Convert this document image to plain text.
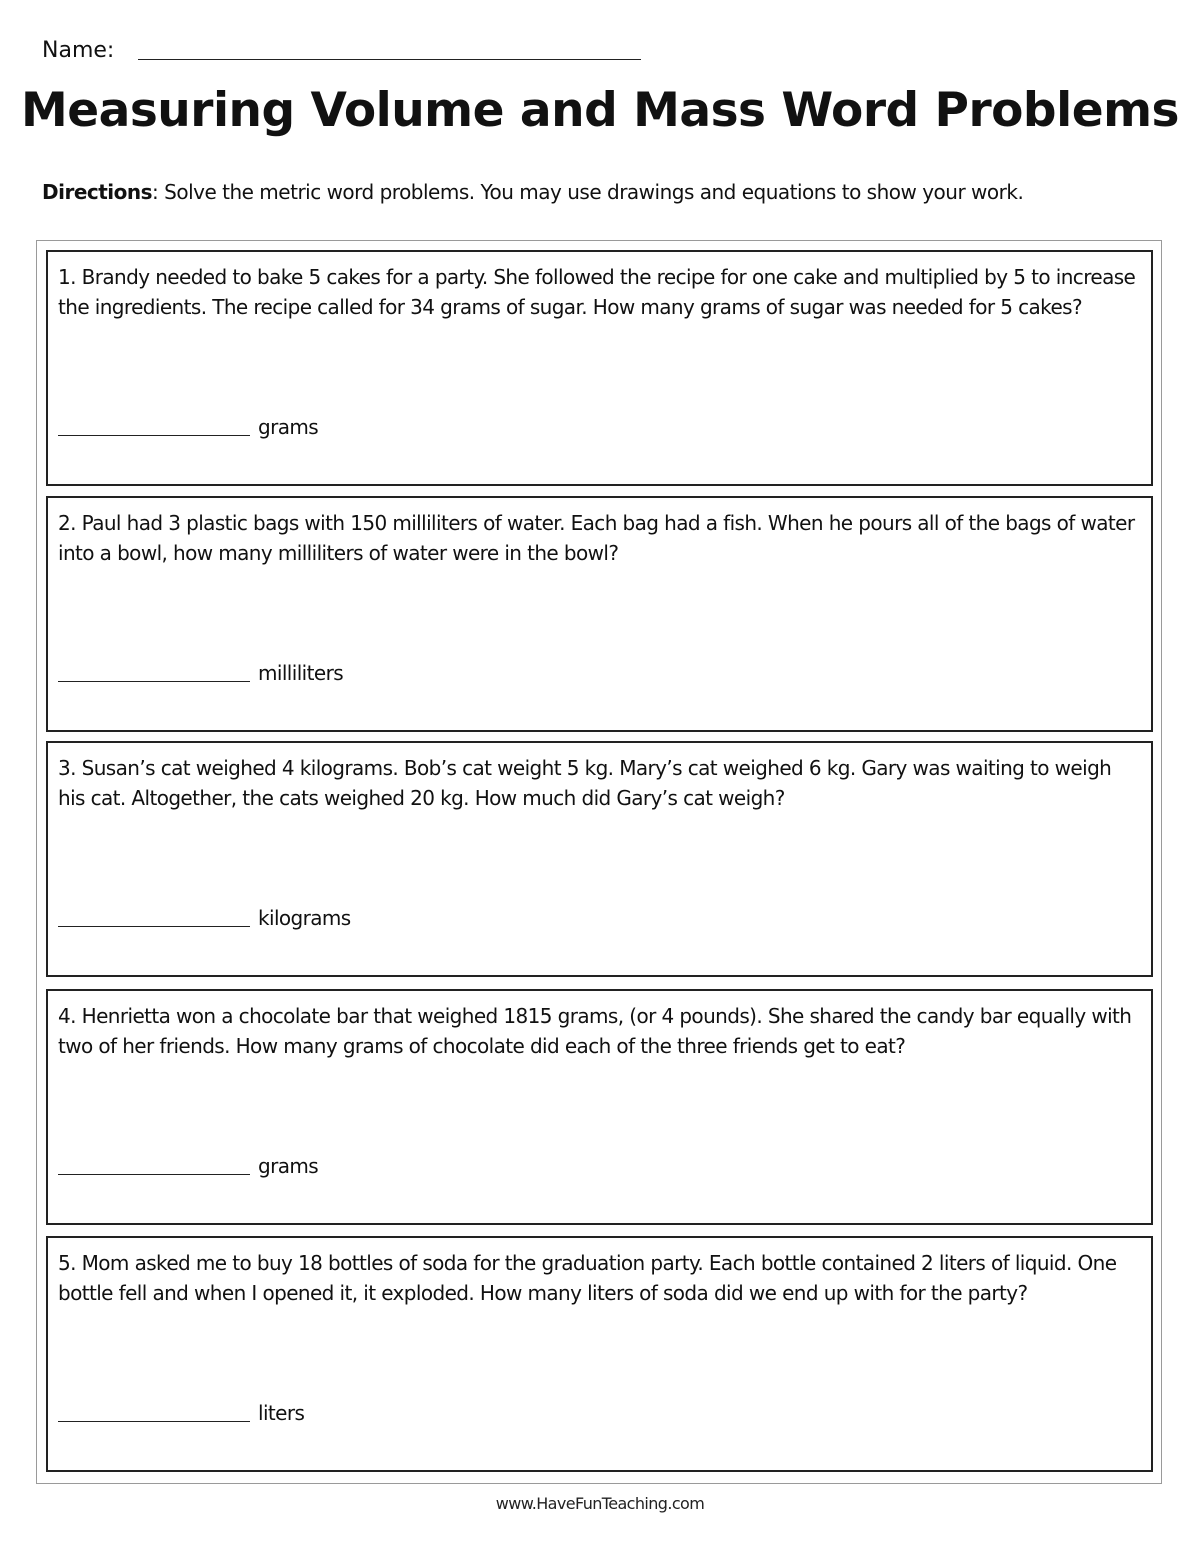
Name:
Measuring Volume and Mass Word Problems
Directions: Solve the metric word problems. You may use drawings and equations to show your work.
1. Brandy needed to bake 5 cakes for a party. She followed the recipe for one cake and multiplied by 5 to increase the ingredients. The recipe called for 34 grams of sugar. How many grams of sugar was needed for 5 cakes?
grams
2. Paul had 3 plastic bags with 150 milliliters of water. Each bag had a fish. When he pours all of the bags of water into a bowl, how many milliliters of water were in the bowl?
milliliters
3. Susan’s cat weighed 4 kilograms. Bob’s cat weight 5 kg. Mary’s cat weighed 6 kg. Gary was waiting to weigh his cat. Altogether, the cats weighed 20 kg. How much did Gary’s cat weigh?
kilograms
4. Henrietta won a chocolate bar that weighed 1815 grams, (or 4 pounds). She shared the candy bar equally with two of her friends. How many grams of chocolate did each of the three friends get to eat?
grams
5. Mom asked me to buy 18 bottles of soda for the graduation party. Each bottle contained 2 liters of liquid. One bottle fell and when I opened it, it exploded. How many liters of soda did we end up with for the party?
liters
www.HaveFunTeaching.com
